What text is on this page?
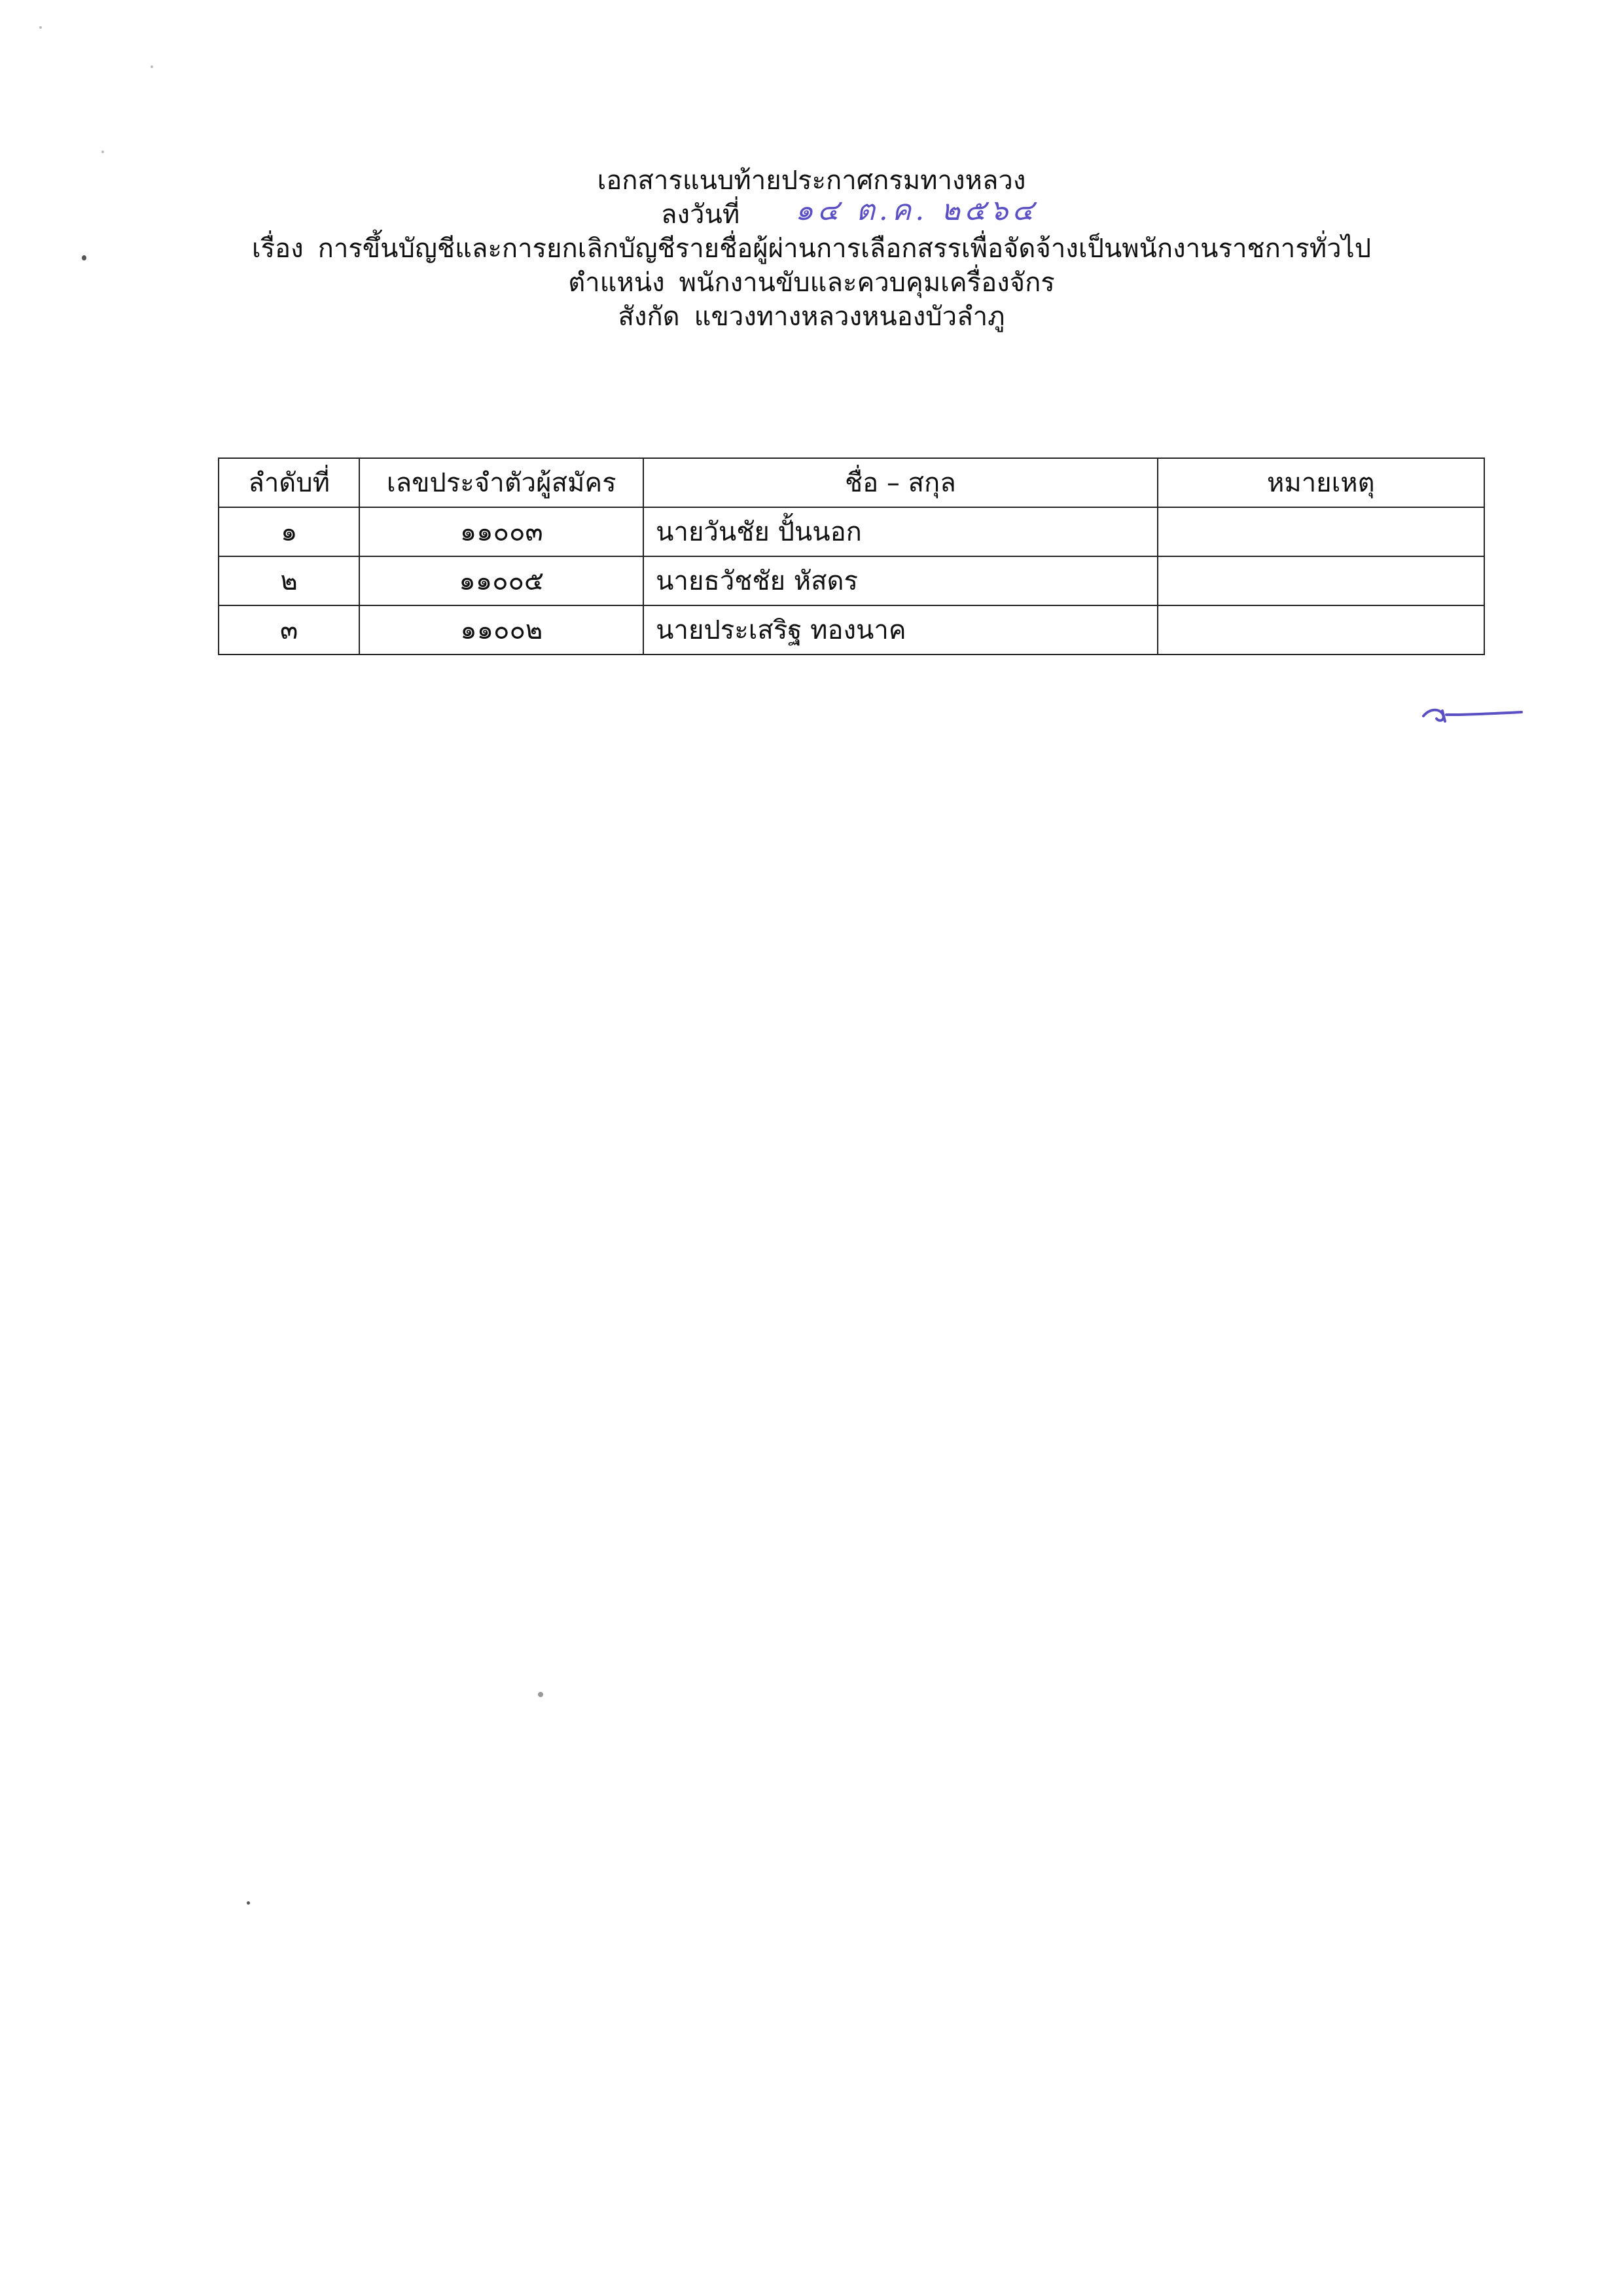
เอกสารแนบท้ายประกาศกรมทางหลวง
ลงวันที่ ๑๔ ต.ค. ๒๕๖๔
เรื่อง การขึ้นบัญชีและการยกเลิกบัญชีรายชื่อผู้ผ่านการเลือกสรรเพื่อจัดจ้างเป็นพนักงานราชการทั่วไป
ตำแหน่ง พนักงานขับและควบคุมเครื่องจักร
สังกัด แขวงทางหลวงหนองบัวลำภู
ลำดับที่	เลขประจำตัวผู้สมัคร	ชื่อ – สกุล	หมายเหตุ
๑	๑๑๐๐๓	นายวันชัย ปั้นนอก	
๒	๑๑๐๐๕	นายธวัชชัย หัสดร	
๓	๑๑๐๐๒	นายประเสริฐ ทองนาค	
